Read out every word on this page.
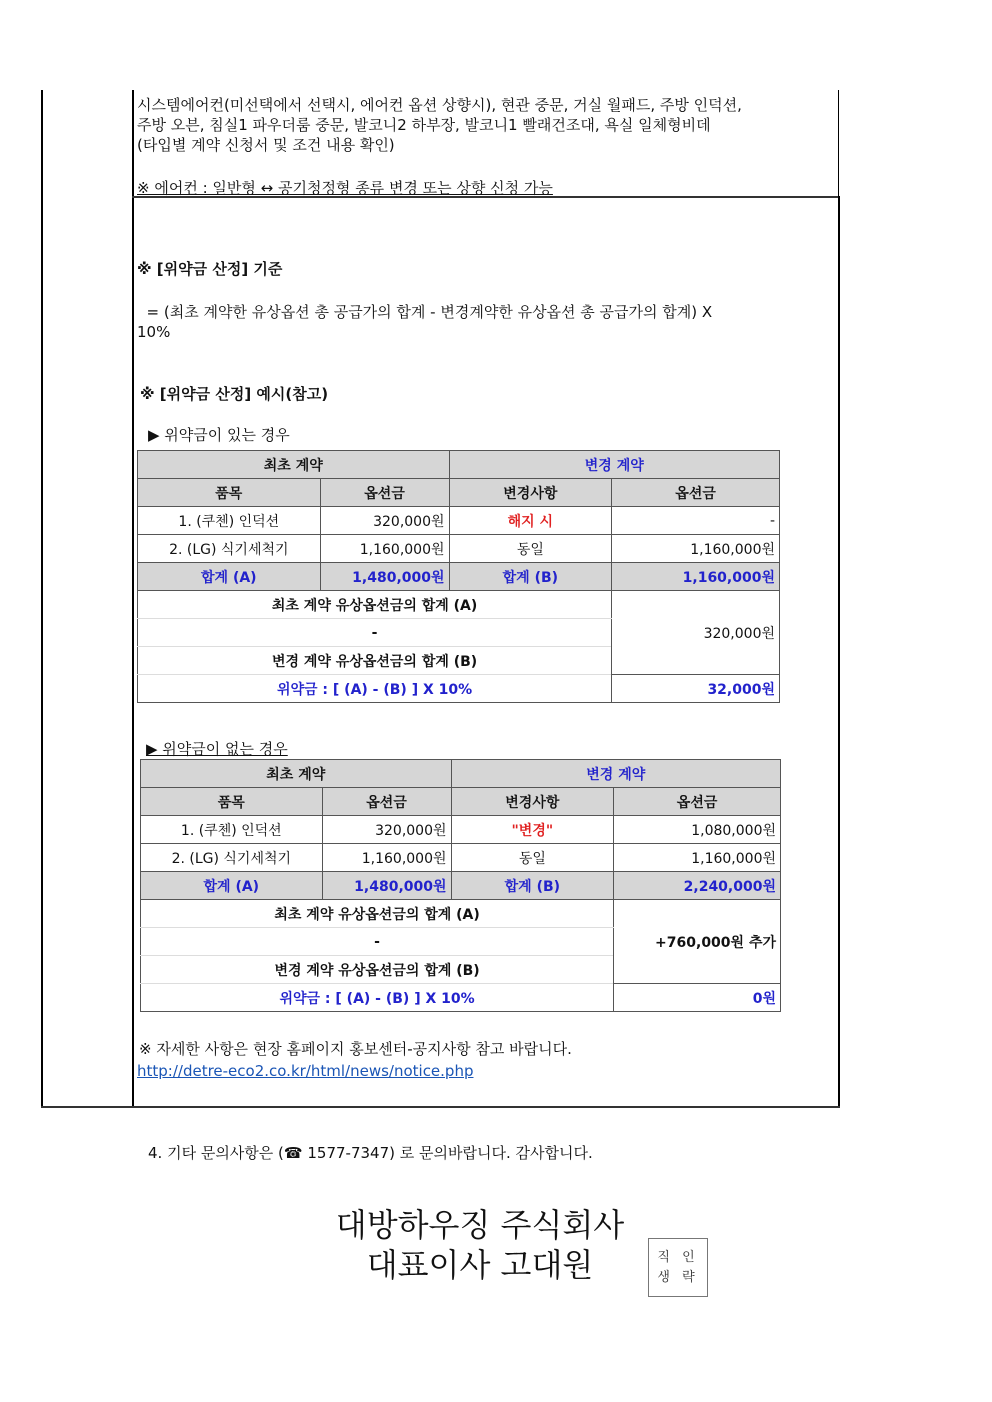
시스템에어컨(미선택에서 선택시, 에어컨 옵션 상향시), 현관 중문, 거실 월패드, 주방 인덕션,
주방 오븐, 침실1 파우더룸 중문, 발코니2 하부장, 발코니1 빨래건조대, 욕실 일체형비데
(타입별 계약 신청서 및 조건 내용 확인)
※ 에어컨 : 일반형 ↔ 공기청정형 종류 변경 또는 상향 신청 가능
※ [위약금 산정] 기준
= (최초 계약한 유상옵션 총 공급가의 합계 - 변경계약한 유상옵션 총 공급가의 합계) X
10%
※ [위약금 산정] 예시(참고)
▶ 위약금이 있는 경우
최초 계약		변경 계약	
품목	옵션금	변경사항	옵션금
1. (쿠첸) 인덕션	320,000원	해지 시	-
2. (LG) 식기세척기	1,160,000원	동일	1,160,000원
합계 (A)	1,480,000원	합계 (B)	1,160,000원
최초 계약 유상옵션금의 합계 (A)			320,000원
-			
변경 계약 유상옵션금의 합계 (B)			
위약금 : [ (A) - (B) ] X 10%			32,000원
▶ 위약금이 없는 경우
최초 계약		변경 계약	
품목	옵션금	변경사항	옵션금
1. (쿠첸) 인덕션	320,000원	"변경"	1,080,000원
2. (LG) 식기세척기	1,160,000원	동일	1,160,000원
합계 (A)	1,480,000원	합계 (B)	2,240,000원
최초 계약 유상옵션금의 합계 (A)			+760,000원 추가
-			
변경 계약 유상옵션금의 합계 (B)			
위약금 : [ (A) - (B) ] X 10%			0원
※ 자세한 사항은 현장 홈페이지 홍보센터-공지사항 참고 바랍니다.
http://detre-eco2.co.kr/html/news/notice.php
4. 기타 문의사항은 (☎ 1577-7347) 로 문의바랍니다. 감사합니다.
대방하우징 주식회사
대표이사 고대원	직 인
생 략
